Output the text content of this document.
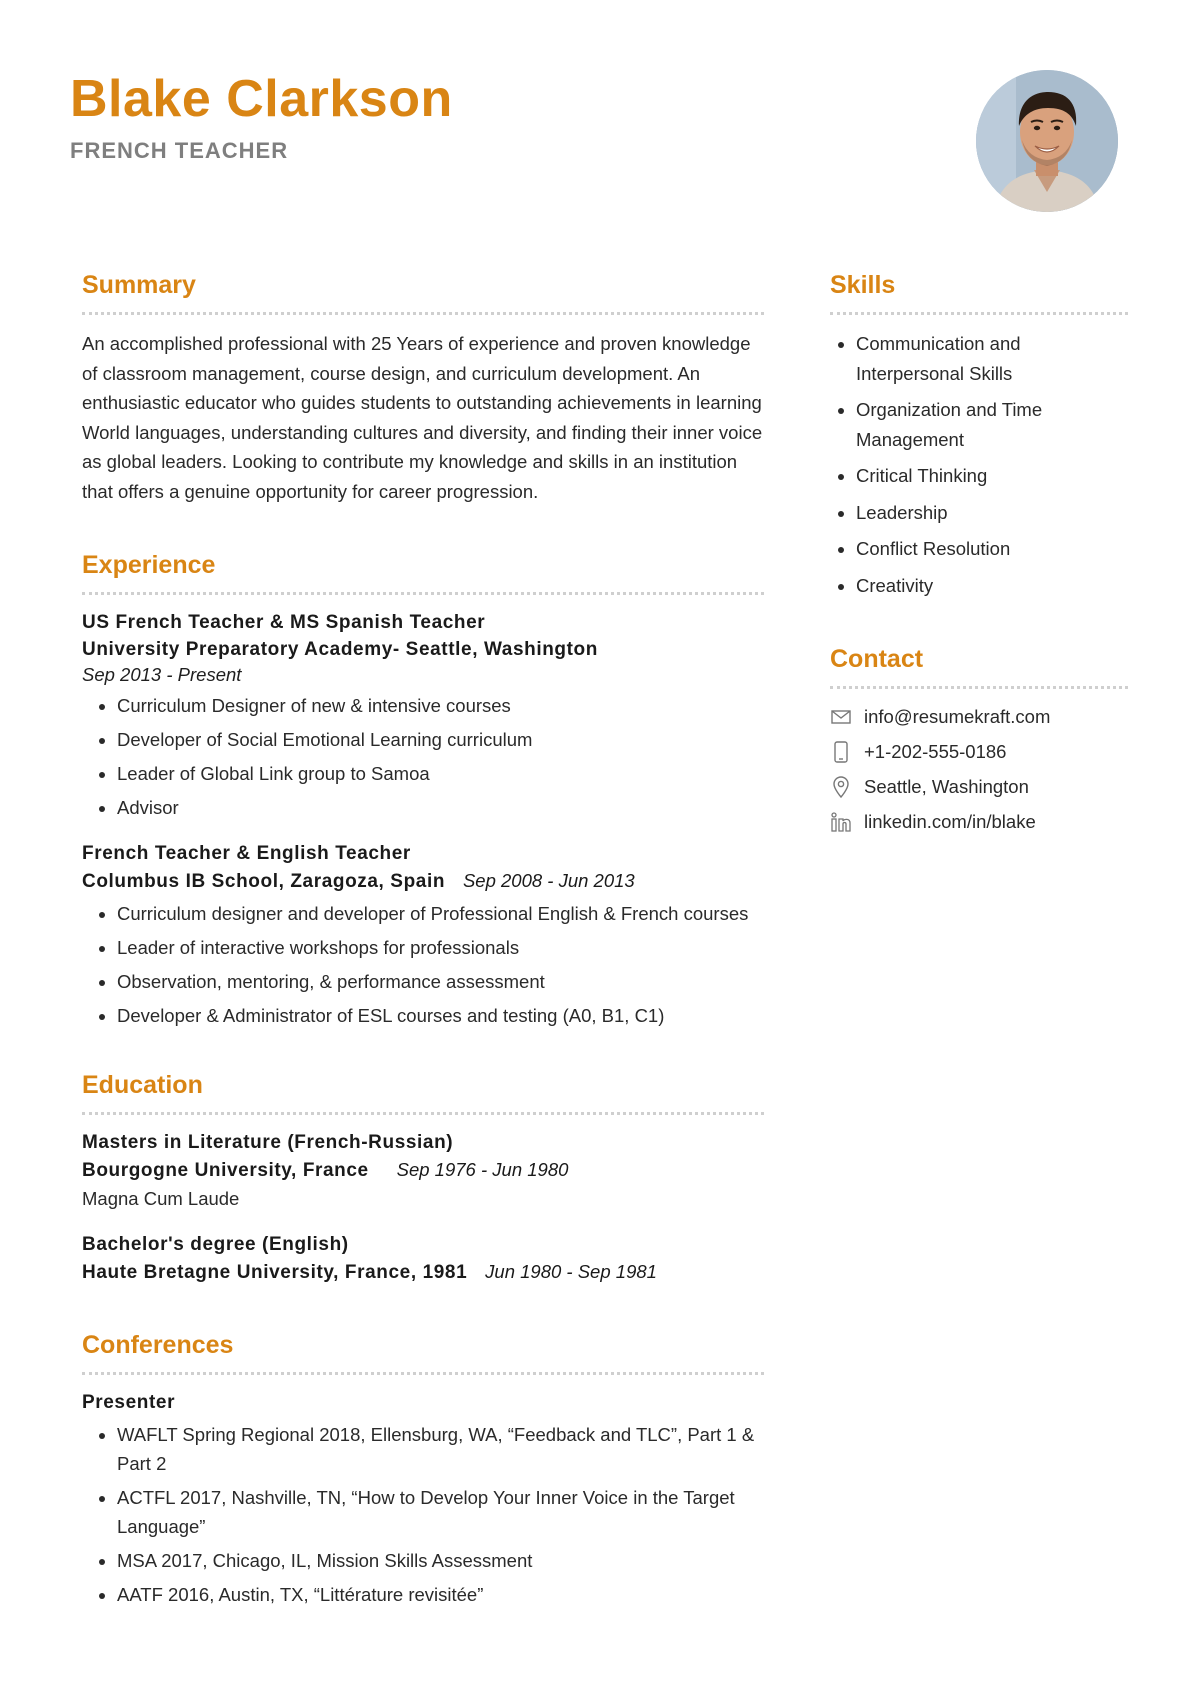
Blake Clarkson
FRENCH TEACHER
Summary

An accomplished professional with 25 Years of experience and proven knowledge of classroom management, course design, and curriculum development. An enthusiastic educator who guides students to outstanding achievements in learning World languages, understanding cultures and diversity, and finding their inner voice as global leaders. Looking to contribute my knowledge and skills in an institution that offers a genuine opportunity for career progression.

Experience
US French Teacher & MS Spanish Teacher
University Preparatory Academy- Seattle, Washington
Sep 2013 - Present
• Curriculum Designer of new & intensive courses
• Developer of Social Emotional Learning curriculum
• Leader of Global Link group to Samoa
• Advisor
French Teacher & English Teacher
Columbus IB School, Zaragoza, Spain Sep 2008 - Jun 2013
• Curriculum designer and developer of Professional English & French courses
• Leader of interactive workshops for professionals
• Observation, mentoring, & performance assessment
• Developer & Administrator of ESL courses and testing (A0, B1, C1)
Education
Masters in Literature (French-Russian)
Bourgogne University, France Sep 1976 - Jun 1980
Magna Cum Laude
Bachelor's degree (English)
Haute Bretagne University, France, 1981 Jun 1980 - Sep 1981
Conferences
Presenter
• WAFLT Spring Regional 2018, Ellensburg, WA, “Feedback and TLC”, Part 1 & Part 2
• ACTFL 2017, Nashville, TN, “How to Develop Your Inner Voice in the Target Language”
• MSA 2017, Chicago, IL, Mission Skills Assessment
• AATF 2016, Austin, TX, “Littérature revisitée”
Skills
• Communication and Interpersonal Skills
• Organization and Time Management
• Critical Thinking
• Leadership
• Conflict Resolution
• Creativity
Contact
info@resumekraft.com
+1-202-555-0186
Seattle, Washington
linkedin.com/in/blake
